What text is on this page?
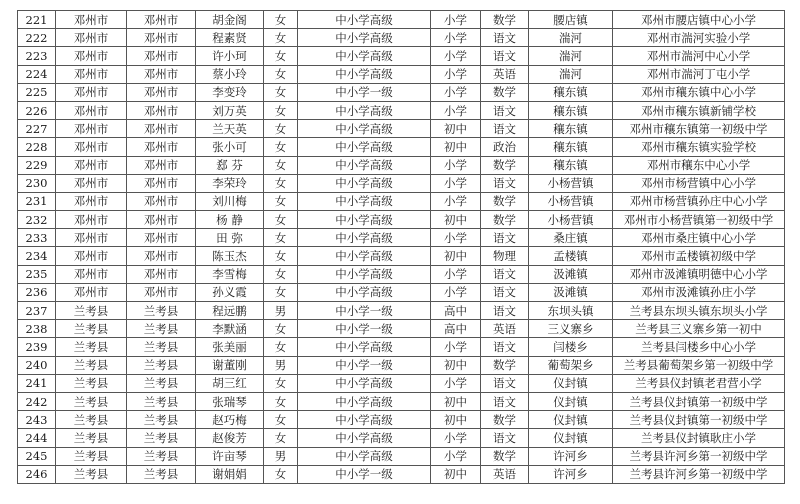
221	邓州市	邓州市	胡金阁	女	中小学高级	小学	数学	腰店镇	邓州市腰店镇中心小学
222	邓州市	邓州市	程素贤	女	中小学高级	小学	语文	湍河	邓州市湍河实验小学
223	邓州市	邓州市	许小珂	女	中小学高级	小学	语文	湍河	邓州市湍河中心小学
224	邓州市	邓州市	蔡小玲	女	中小学高级	小学	英语	湍河	邓州市湍河丁屯小学
225	邓州市	邓州市	李变玲	女	中小学一级	小学	数学	穰东镇	邓州市穰东镇中心小学
226	邓州市	邓州市	刘万英	女	中小学高级	小学	语文	穰东镇	邓州市穰东镇新铺学校
227	邓州市	邓州市	兰天英	女	中小学高级	初中	语文	穰东镇	邓州市穰东镇第一初级中学
228	邓州市	邓州市	张小可	女	中小学高级	初中	政治	穰东镇	邓州市穰东镇实验学校
229	邓州市	邓州市	郄 芬	女	中小学高级	小学	数学	穰东镇	邓州市穰东中心小学
230	邓州市	邓州市	李荣玲	女	中小学高级	小学	语文	小杨营镇	邓州市杨营镇中心小学
231	邓州市	邓州市	刘川梅	女	中小学高级	小学	数学	小杨营镇	邓州市杨营镇孙庄中心小学
232	邓州市	邓州市	杨 静	女	中小学高级	初中	数学	小杨营镇	邓州市小杨营镇第一初级中学
233	邓州市	邓州市	田 弥	女	中小学高级	小学	语文	桑庄镇	邓州市桑庄镇中心小学
234	邓州市	邓州市	陈玉杰	女	中小学高级	初中	物理	孟楼镇	邓州市孟楼镇初级中学
235	邓州市	邓州市	李雪梅	女	中小学高级	小学	语文	汲滩镇	邓州市汲滩镇明德中心小学
236	邓州市	邓州市	孙义霞	女	中小学高级	小学	语文	汲滩镇	邓州市汲滩镇孙庄小学
237	兰考县	兰考县	程远鹏	男	中小学一级	高中	语文	东坝头镇	兰考县东坝头镇东坝头小学
238	兰考县	兰考县	李默涵	女	中小学一级	高中	英语	三义寨乡	兰考县三义寨乡第一初中
239	兰考县	兰考县	张美丽	女	中小学高级	小学	语文	闫楼乡	兰考县闫楼乡中心小学
240	兰考县	兰考县	谢董刚	男	中小学一级	初中	数学	葡萄架乡	兰考县葡萄架乡第一初级中学
241	兰考县	兰考县	胡三红	女	中小学高级	小学	语文	仪封镇	兰考县仪封镇老君营小学
242	兰考县	兰考县	张瑞琴	女	中小学高级	初中	语文	仪封镇	兰考县仪封镇第一初级中学
243	兰考县	兰考县	赵巧梅	女	中小学高级	初中	数学	仪封镇	兰考县仪封镇第一初级中学
244	兰考县	兰考县	赵俊芳	女	中小学高级	小学	语文	仪封镇	兰考县仪封镇耿庄小学
245	兰考县	兰考县	许亩琴	男	中小学高级	小学	数学	许河乡	兰考县许河乡第一初级中学
246	兰考县	兰考县	谢娟娟	女	中小学一级	初中	英语	许河乡	兰考县许河乡第一初级中学
